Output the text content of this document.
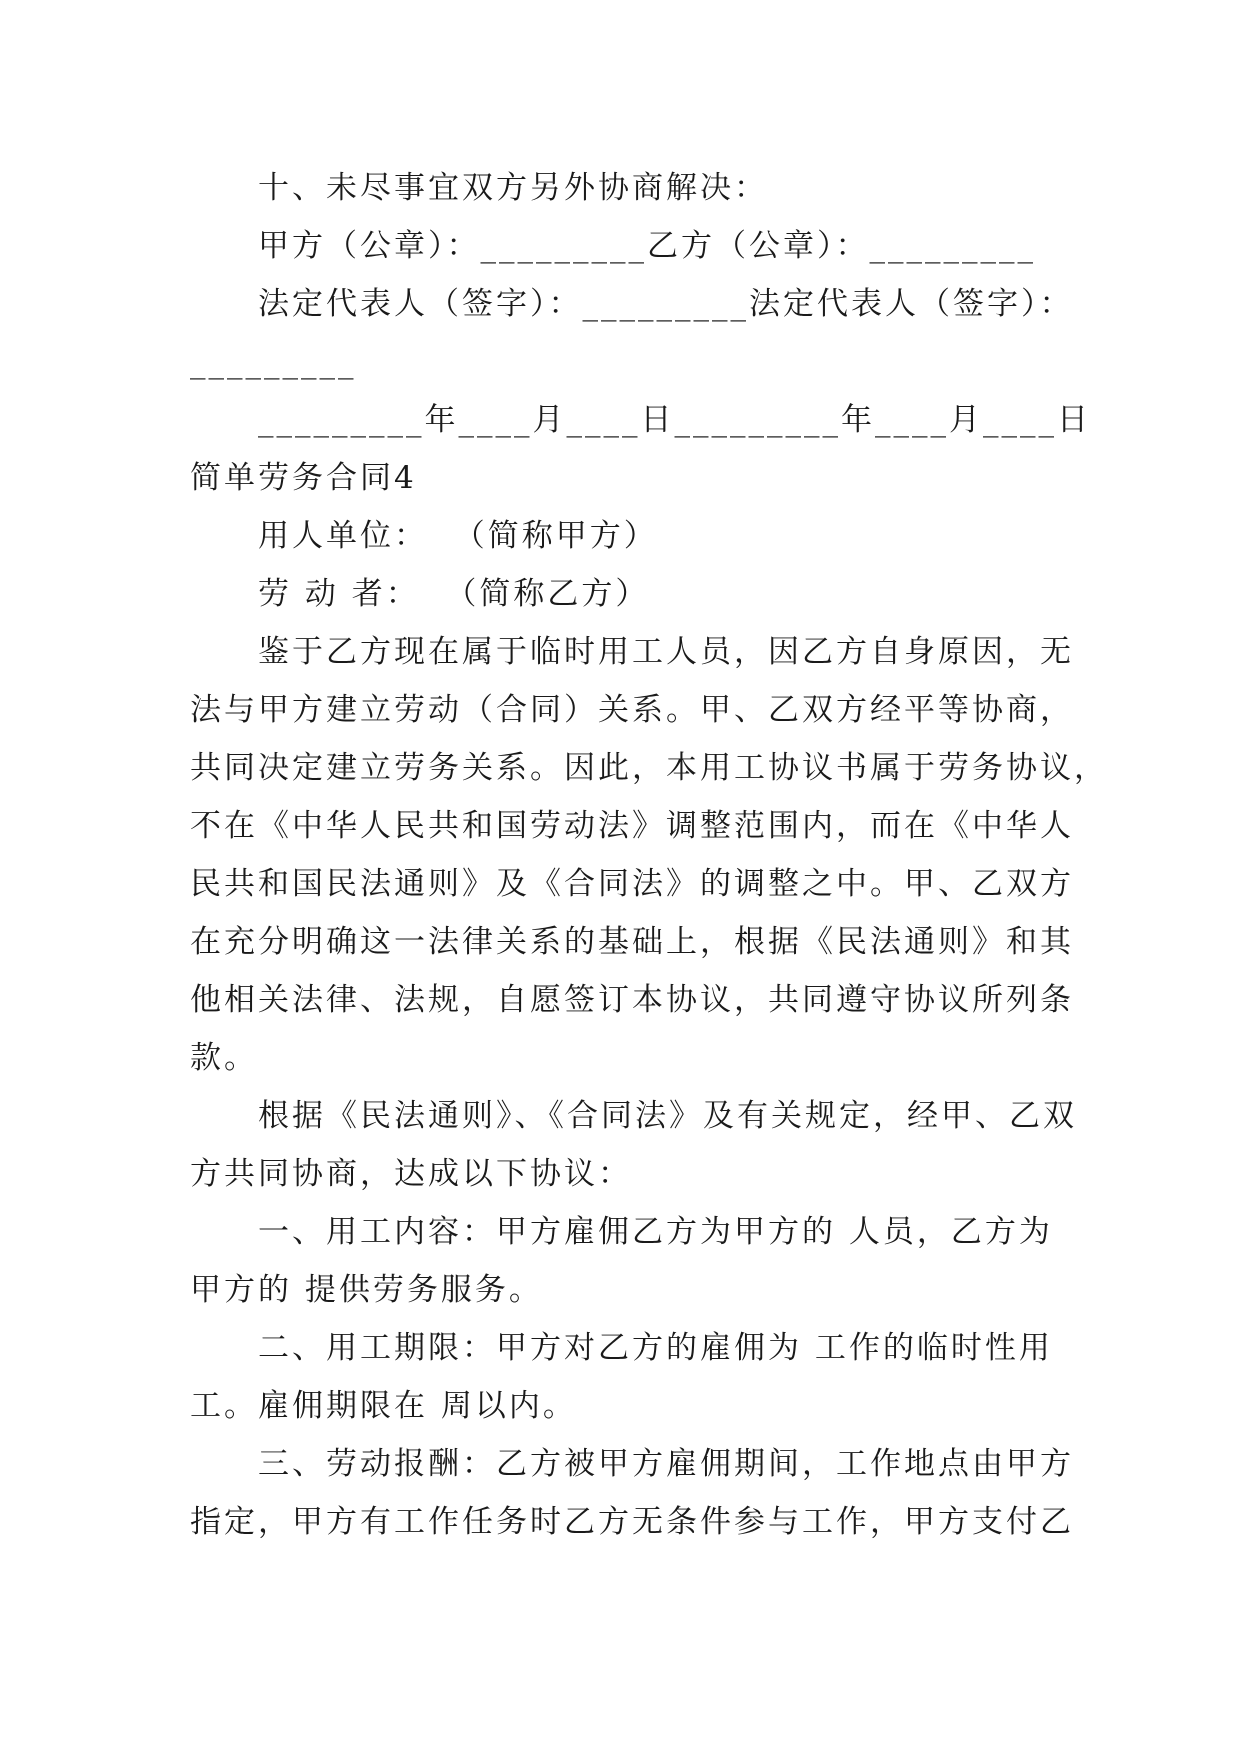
十、未尽事宜双方另外协商解决：
甲方（公章）：_________乙方（公章）：_________
法定代表人（签字）：_________法定代表人（签字）：
_________
_________年____月____日_________年____月____日
简单劳务合同4
用人单位：  （简称甲方）
劳 动 者：  （简称乙方）
鉴于乙方现在属于临时用工人员，因乙方自身原因，无
法与甲方建立劳动（合同）关系。甲、乙双方经平等协商，
共同决定建立劳务关系。因此，本用工协议书属于劳务协议，
不在《中华人民共和国劳动法》调整范围内，而在《中华人
民共和国民法通则》及《合同法》的调整之中。甲、乙双方
在充分明确这一法律关系的基础上，根据《民法通则》和其
他相关法律、法规，自愿签订本协议，共同遵守协议所列条
款。
根据《民法通则》、《合同法》及有关规定，经甲、乙双
方共同协商，达成以下协议：
一、用工内容：甲方雇佣乙方为甲方的 人员，乙方为
甲方的 提供劳务服务。
二、用工期限：甲方对乙方的雇佣为 工作的临时性用
工。雇佣期限在 周以内。
三、劳动报酬：乙方被甲方雇佣期间，工作地点由甲方
指定，甲方有工作任务时乙方无条件参与工作，甲方支付乙
